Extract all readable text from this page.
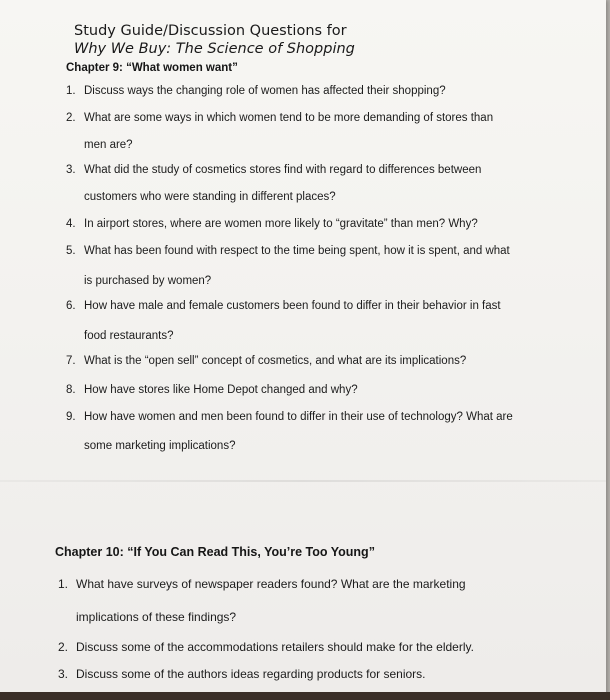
Study Guide/Discussion Questions for
Why We Buy: The Science of Shopping
Chapter 9: “What women want”
1. Discuss ways the changing role of women has affected their shopping?
2. What are some ways in which women tend to be more demanding of stores than
men are?
3. What did the study of cosmetics stores find with regard to differences between
customers who were standing in different places?
4. In airport stores, where are women more likely to “gravitate” than men? Why?
5. What has been found with respect to the time being spent, how it is spent, and what
is purchased by women?
6. How have male and female customers been found to differ in their behavior in fast
food restaurants?
7. What is the “open sell” concept of cosmetics, and what are its implications?
8. How have stores like Home Depot changed and why?
9. How have women and men been found to differ in their use of technology? What are
some marketing implications?
Chapter 10: “If You Can Read This, You’re Too Young”
1. What have surveys of newspaper readers found? What are the marketing
implications of these findings?
2. Discuss some of the accommodations retailers should make for the elderly.
3. Discuss some of the authors ideas regarding products for seniors.
